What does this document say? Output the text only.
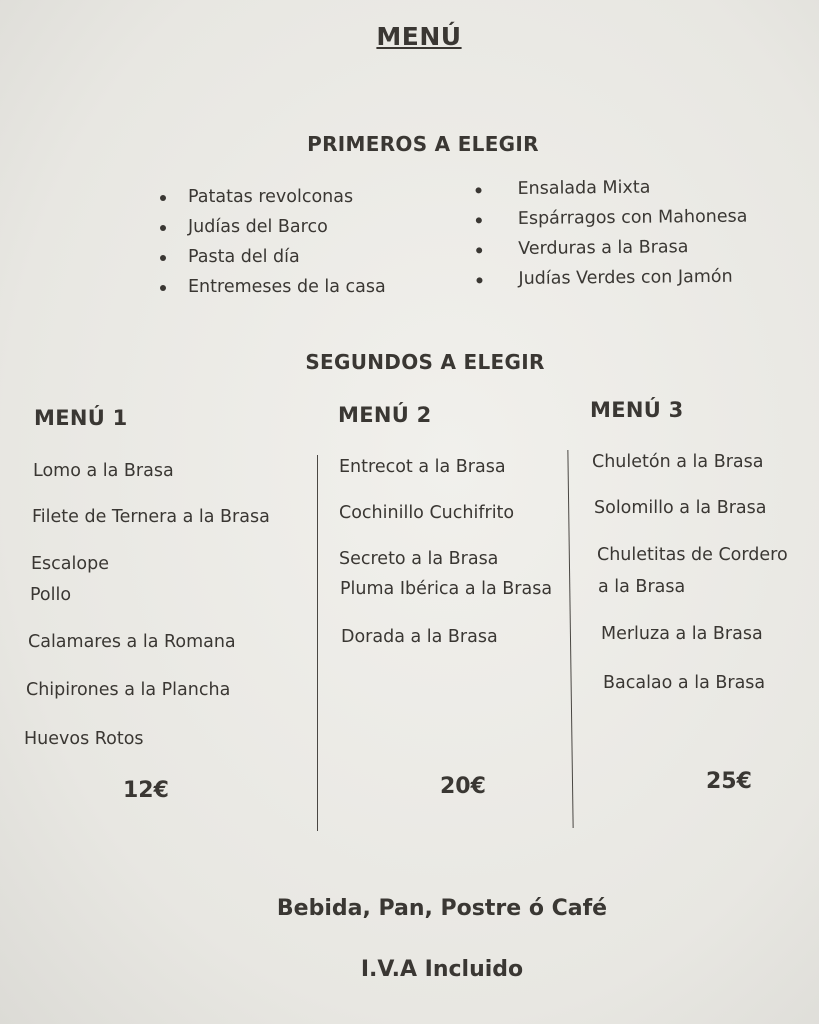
MENÚ
PRIMEROS A ELEGIR
Patatas revolconas
Judías del Barco
Pasta del día
Entremeses de la casa
Ensalada Mixta
Espárragos con Mahonesa
Verduras a la Brasa
Judías Verdes con Jamón
SEGUNDOS A ELEGIR
MENÚ 1
Lomo a la Brasa
Filete de Ternera a la Brasa
Escalope
Pollo
Calamares a la Romana
Chipirones a la Plancha
Huevos Rotos
12€
MENÚ 2
Entrecot a la Brasa
Cochinillo Cuchifrito
Secreto a la Brasa
Pluma Ibérica a la Brasa
Dorada a la Brasa
20€
MENÚ 3
Chuletón a la Brasa
Solomillo a la Brasa
Chuletitas de Cordero
a la Brasa
Merluza a la Brasa
Bacalao a la Brasa
25€
Bebida, Pan, Postre ó Café
I.V.A Incluido
